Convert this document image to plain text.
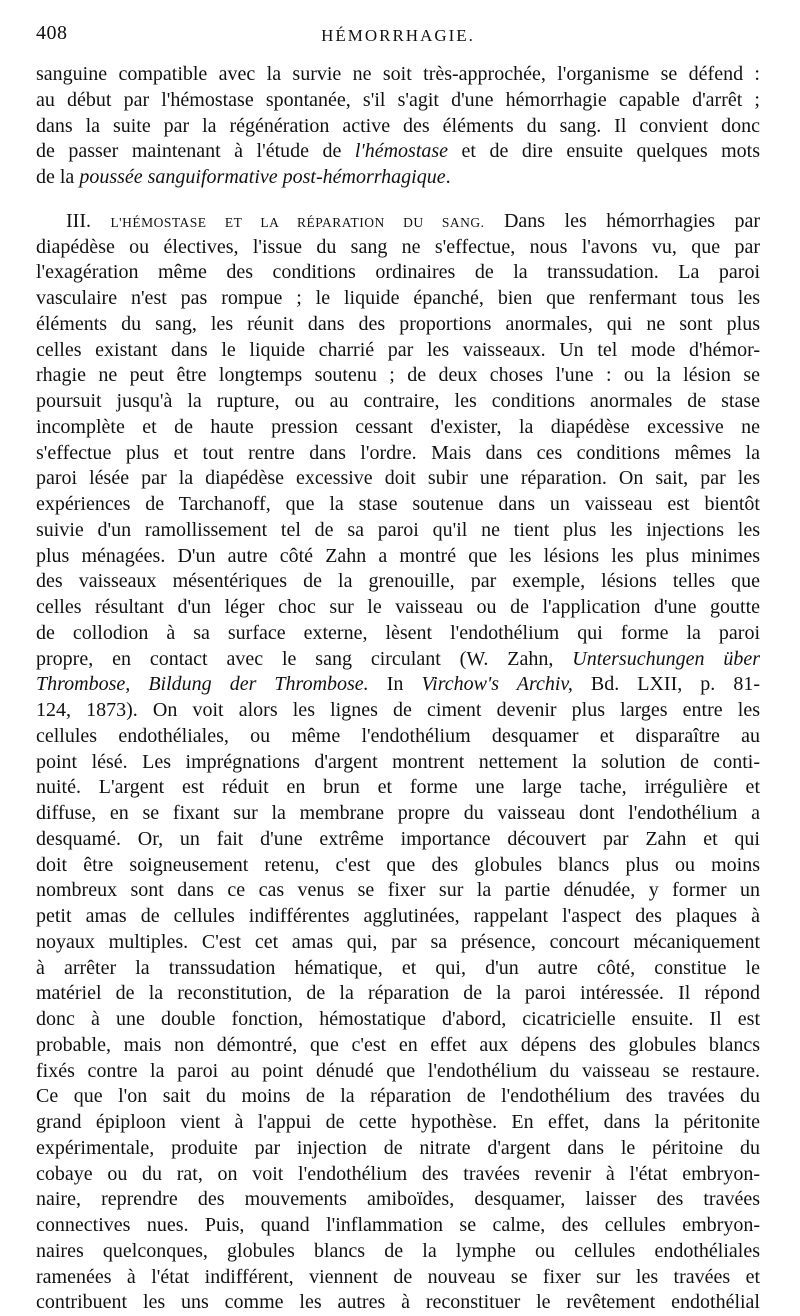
408	HÉMORRHAGIE.
sanguine compatible avec la survie ne soit très-approchée, l'organisme se défend :
au début par l'hémostase spontanée, s'il s'agit d'une hémorrhagie capable d'arrêt ;
dans la suite par la régénération active des éléments du sang. Il convient donc
de passer maintenant à l'étude de l'hémostase et de dire ensuite quelques mots
de la poussée sanguiformative post-hémorrhagique.
III. L'HÉMOSTASE ET LA RÉPARATION DU SANG. Dans les hémorrhagies par
diapédèse ou électives, l'issue du sang ne s'effectue, nous l'avons vu, que par
l'exagération même des conditions ordinaires de la transsudation. La paroi
vasculaire n'est pas rompue ; le liquide épanché, bien que renfermant tous les
éléments du sang, les réunit dans des proportions anormales, qui ne sont plus
celles existant dans le liquide charrié par les vaisseaux. Un tel mode d'hémor-
rhagie ne peut être longtemps soutenu ; de deux choses l'une : ou la lésion se
poursuit jusqu'à la rupture, ou au contraire, les conditions anormales de stase
incomplète et de haute pression cessant d'exister, la diapédèse excessive ne
s'effectue plus et tout rentre dans l'ordre. Mais dans ces conditions mêmes la
paroi lésée par la diapédèse excessive doit subir une réparation. On sait, par les
expériences de Tarchanoff, que la stase soutenue dans un vaisseau est bientôt
suivie d'un ramollissement tel de sa paroi qu'il ne tient plus les injections les
plus ménagées. D'un autre côté Zahn a montré que les lésions les plus minimes
des vaisseaux mésentériques de la grenouille, par exemple, lésions telles que
celles résultant d'un léger choc sur le vaisseau ou de l'application d'une goutte
de collodion à sa surface externe, lèsent l'endothélium qui forme la paroi
propre, en contact avec le sang circulant (W. Zahn, Untersuchungen über
Thrombose, Bildung der Thrombose. In Virchow's Archiv, Bd. LXII, p. 81-
124, 1873). On voit alors les lignes de ciment devenir plus larges entre les
cellules endothéliales, ou même l'endothélium desquamer et disparaître au
point lésé. Les imprégnations d'argent montrent nettement la solution de conti-
nuité. L'argent est réduit en brun et forme une large tache, irrégulière et
diffuse, en se fixant sur la membrane propre du vaisseau dont l'endothélium a
desquamé. Or, un fait d'une extrême importance découvert par Zahn et qui
doit être soigneusement retenu, c'est que des globules blancs plus ou moins
nombreux sont dans ce cas venus se fixer sur la partie dénudée, y former un
petit amas de cellules indifférentes agglutinées, rappelant l'aspect des plaques à
noyaux multiples. C'est cet amas qui, par sa présence, concourt mécaniquement
à arrêter la transsudation hématique, et qui, d'un autre côté, constitue le
matériel de la reconstitution, de la réparation de la paroi intéressée. Il répond
donc à une double fonction, hémostatique d'abord, cicatricielle ensuite. Il est
probable, mais non démontré, que c'est en effet aux dépens des globules blancs
fixés contre la paroi au point dénudé que l'endothélium du vaisseau se restaure.
Ce que l'on sait du moins de la réparation de l'endothélium des travées du
grand épiploon vient à l'appui de cette hypothèse. En effet, dans la péritonite
expérimentale, produite par injection de nitrate d'argent dans le péritoine du
cobaye ou du rat, on voit l'endothélium des travées revenir à l'état embryon-
naire, reprendre des mouvements amiboïdes, desquamer, laisser des travées
connectives nues. Puis, quand l'inflammation se calme, des cellules embryon-
naires quelconques, globules blancs de la lymphe ou cellules endothéliales
ramenées à l'état indifférent, viennent de nouveau se fixer sur les travées et
contribuent les uns comme les autres à reconstituer le revêtement endothélial
